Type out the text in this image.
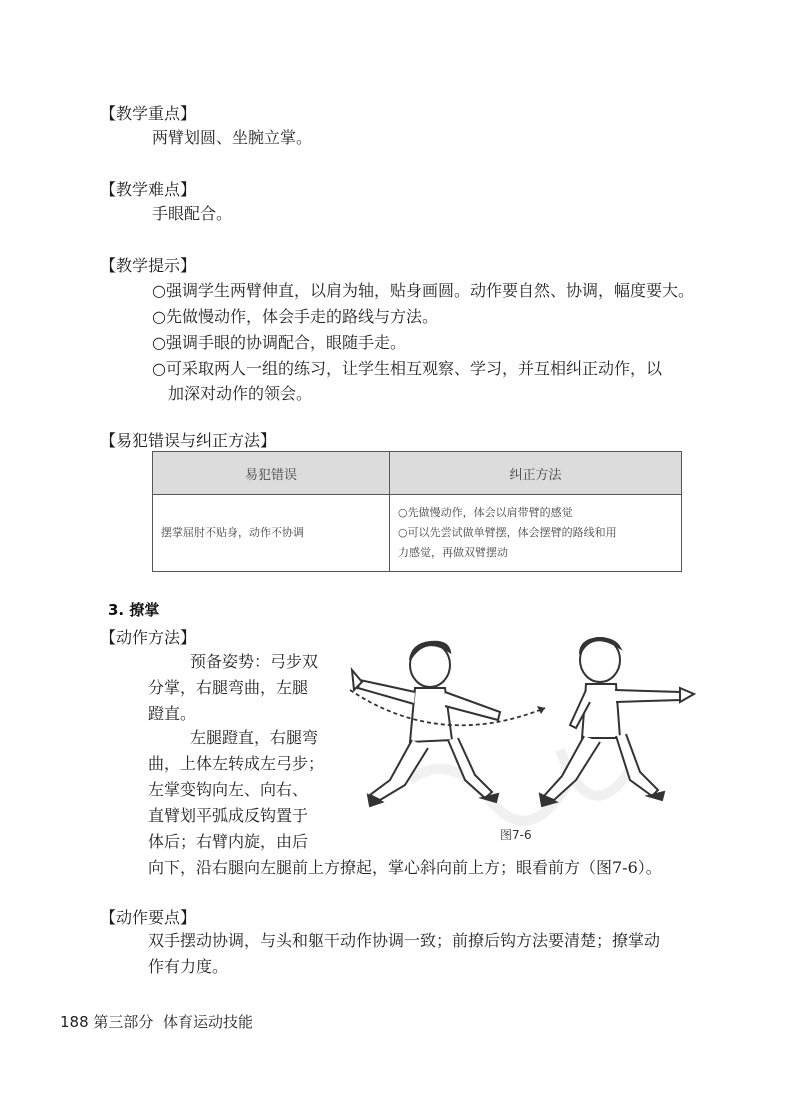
【教学重点】
两臂划圆、坐腕立掌。
【教学难点】
手眼配合。
【教学提示】
○强调学生两臂伸直，以肩为轴，贴身画圆。动作要自然、协调，幅度要大。
○先做慢动作，体会手走的路线与方法。
○强调手眼的协调配合，眼随手走。
○可采取两人一组的练习，让学生相互观察、学习，并互相纠正动作，以
加深对动作的领会。
【易犯错误与纠正方法】
易犯错误	纠正方法
摆掌屈肘不贴身，动作不协调	○先做慢动作，体会以肩带臂的感觉
○可以先尝试做单臂摆，体会摆臂的路线和用
力感觉，再做双臂摆动
3. 撩掌
【动作方法】
预备姿势：弓步双
分掌，右腿弯曲，左腿
蹬直。
左腿蹬直，右腿弯
曲，上体左转成左弓步；
左掌变钩向左、向右、
直臂划平弧成反钩置于
体后；右臂内旋，由后
向下，沿右腿向左腿前上方撩起，掌心斜向前上方；眼看前方（图7-6）。
图7-6
【动作要点】
双手摆动协调，与头和躯干动作协调一致；前撩后钩方法要清楚；撩掌动
作有力度。
188 第三部分 体育运动技能
